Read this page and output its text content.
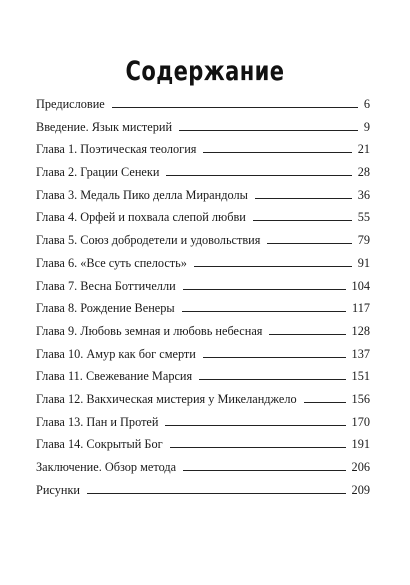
Содержание
Предисловие	6
Введение. Язык мистерий	9
Глава 1. Поэтическая теология	21
Глава 2. Грации Сенеки	28
Глава 3. Медаль Пико делла Мирандолы	36
Глава 4. Орфей и похвала слепой любви	55
Глава 5. Союз добродетели и удовольствия	79
Глава 6. «Все суть спелость»	91
Глава 7. Весна Боттичелли	104
Глава 8. Рождение Венеры	117
Глава 9. Любовь земная и любовь небесная	128
Глава 10. Амур как бог смерти	137
Глава 11. Свежевание Марсия	151
Глава 12. Вакхическая мистерия у Микеланджело	156
Глава 13. Пан и Протей	170
Глава 14. Сокрытый Бог	191
Заключение. Обзор метода	206
Рисунки	209
